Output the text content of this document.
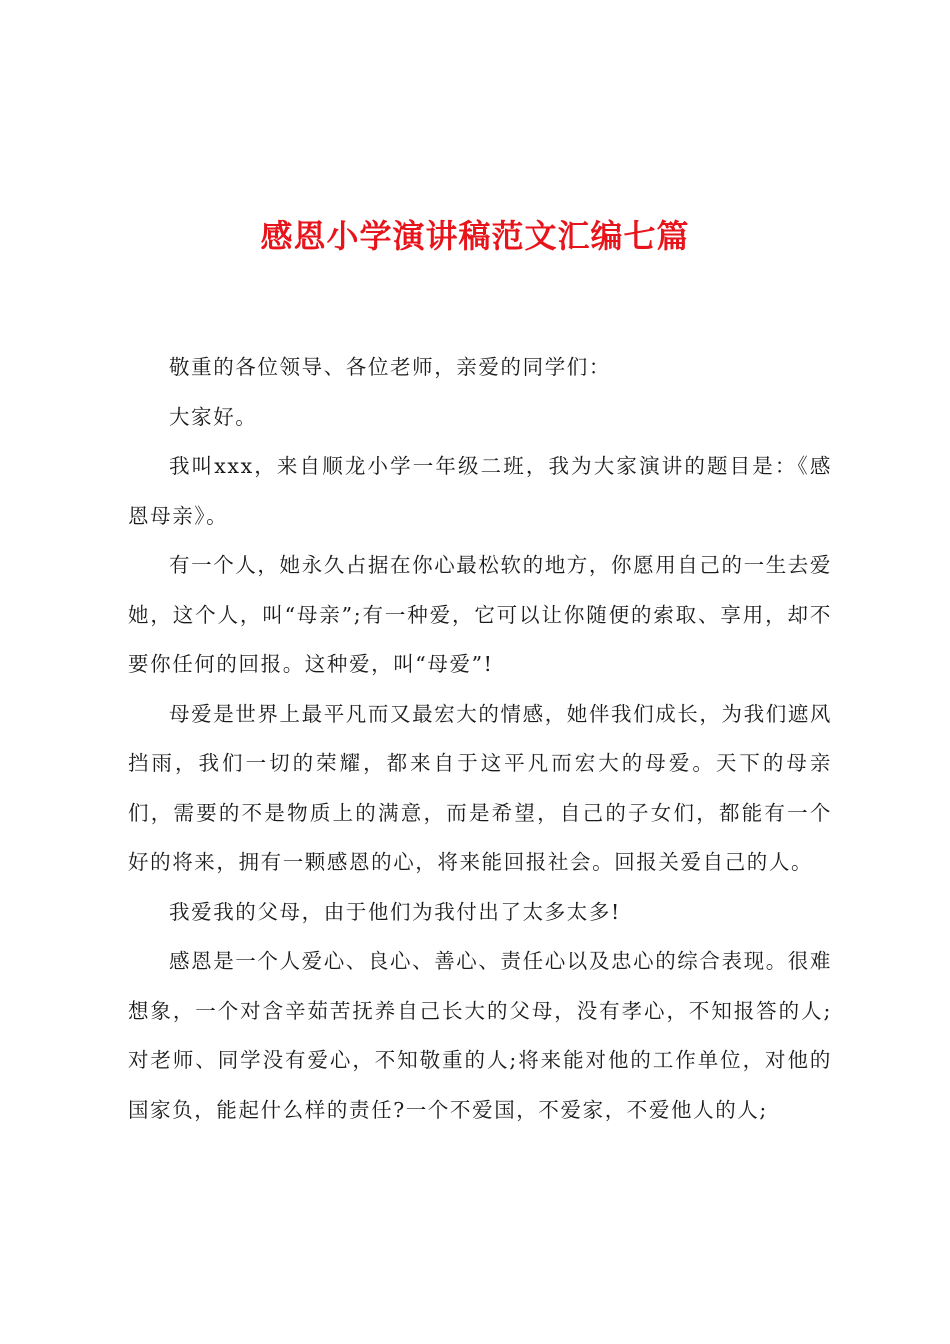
感恩小学演讲稿范文汇编七篇

敬重的各位领导、各位老师，亲爱的同学们：

大家好。

我叫xxx，来自顺龙小学一年级二班，我为大家演讲的题目是：《感恩母亲》。

有一个人，她永久占据在你心最松软的地方，你愿用自己的一生去爱她，这个人，叫“母亲”;有一种爱，它可以让你随便的索取、享用，却不要你任何的回报。这种爱，叫“母爱”!

母爱是世界上最平凡而又最宏大的情感，她伴我们成长，为我们遮风挡雨，我们一切的荣耀，都来自于这平凡而宏大的母爱。天下的母亲们，需要的不是物质上的满意，而是希望，自己的子女们，都能有一个好的将来，拥有一颗感恩的心，将来能回报社会。回报关爱自己的人。

我爱我的父母，由于他们为我付出了太多太多!

感恩是一个人爱心、良心、善心、责任心以及忠心的综合表现。很难想象，一个对含辛茹苦抚养自己长大的父母，没有孝心，不知报答的人;对老师、同学没有爱心，不知敬重的人;将来能对他的工作单位，对他的国家负，能起什么样的责任?一个不爱国，不爱家，不爱他人的人;
